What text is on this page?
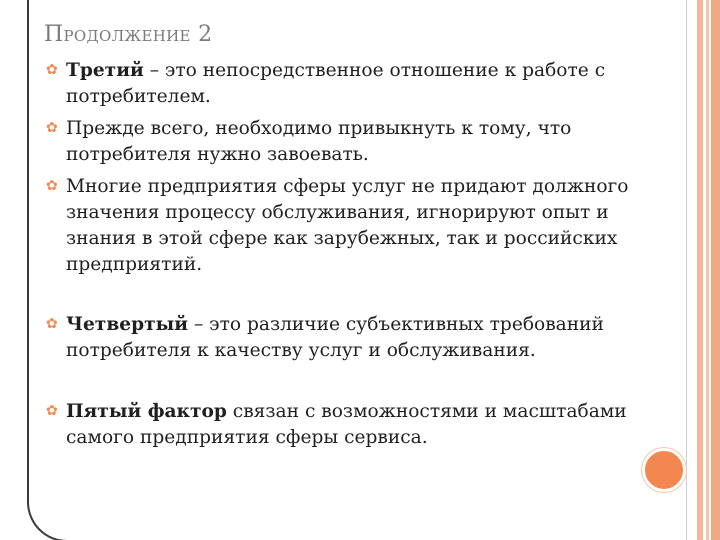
Продолжение 2
✿ Третий – это непосредственное отношение к работе с потребителем.
✿ Прежде всего, необходимо привыкнуть к тому, что потребителя нужно завоевать.
✿ Многие предприятия сферы услуг не придают должного значения процессу обслуживания, игнорируют опыт и знания в этой сфере как зарубежных, так и российских предприятий.
✿ Четвертый – это различие субъективных требований потребителя к качеству услуг и обслуживания.
✿ Пятый фактор связан с возможностями и масштабами самого предприятия сферы сервиса.
